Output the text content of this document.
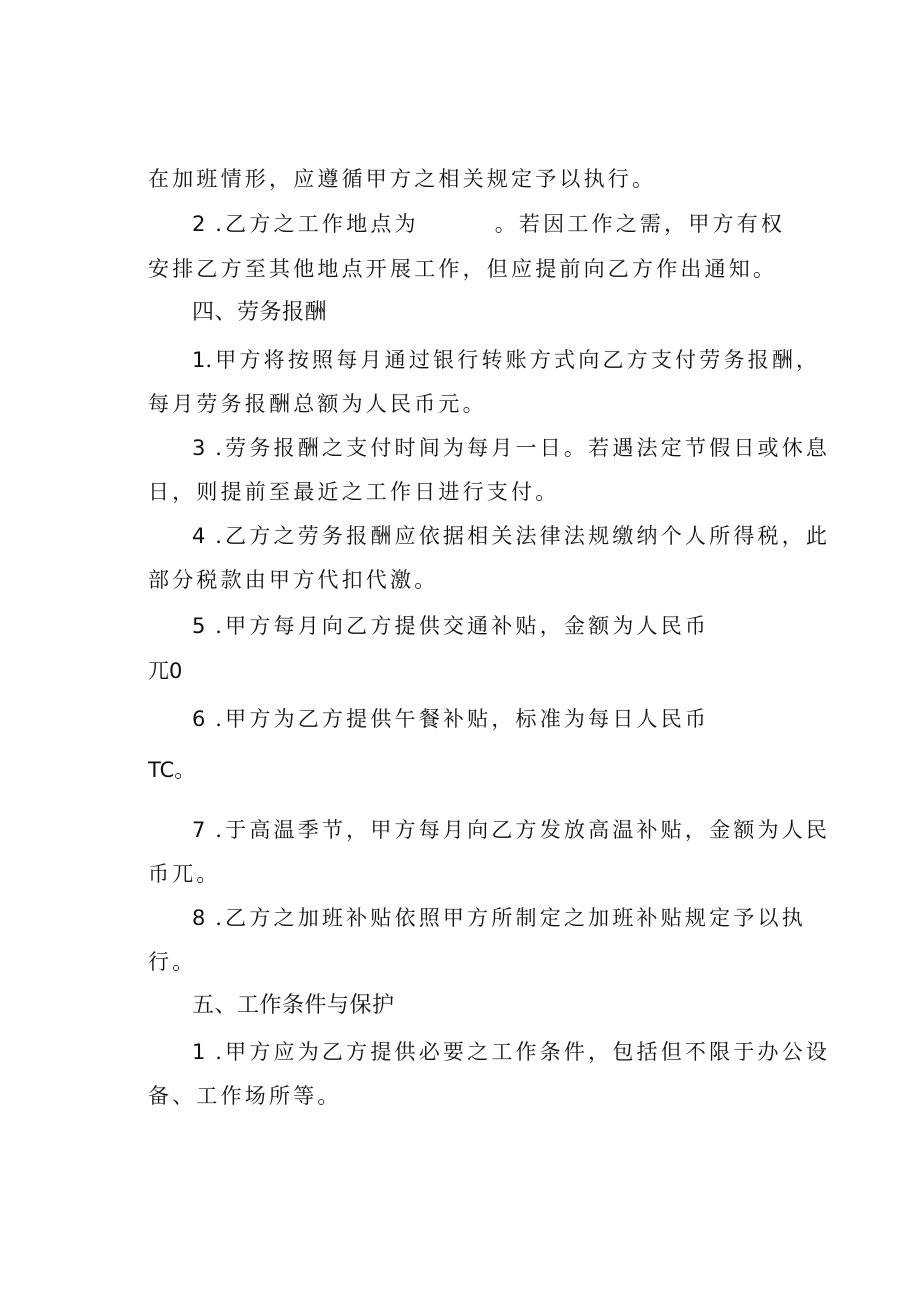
在加班情形，应遵循甲方之相关规定予以执行。
2 .乙方之工作地点为	。若因工作之需，甲方有权
安排乙方至其他地点开展工作，但应提前向乙方作出通知。
四、劳务报酬
1.甲方将按照每月通过银行转账方式向乙方支付劳务报酬，
每月劳务报酬总额为人民币元。
3 .劳务报酬之支付时间为每月一日。若遇法定节假日或休息
日，则提前至最近之工作日进行支付。
4 .乙方之劳务报酬应依据相关法律法规缴纳个人所得税，此
部分税款由甲方代扣代激。
5 .甲方每月向乙方提供交通补贴，金额为人民币
兀0
6 .甲方为乙方提供午餐补贴，标准为每日人民币
TC。
7 .于高温季节，甲方每月向乙方发放高温补贴，金额为人民
币兀。
8 .乙方之加班补贴依照甲方所制定之加班补贴规定予以执
行。
五、工作条件与保护
1 .甲方应为乙方提供必要之工作条件，包括但不限于办公设
备、工作场所等。
